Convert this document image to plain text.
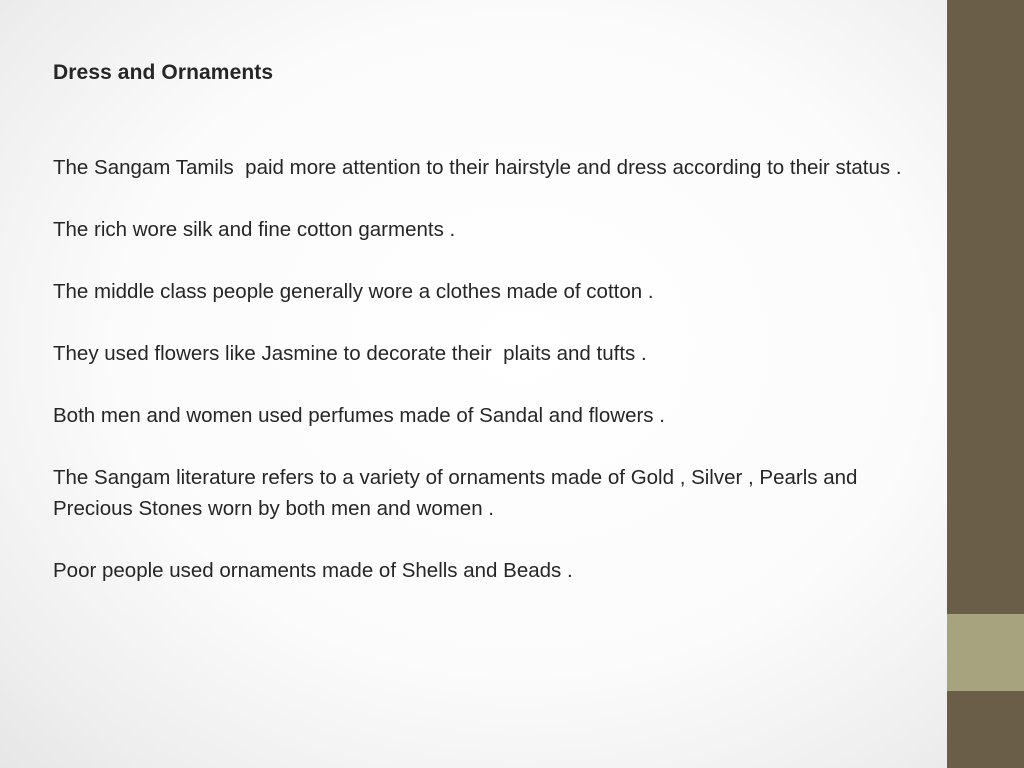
Dress and Ornaments

The Sangam Tamils  paid more attention to their hairstyle and dress according to their status .

The rich wore silk and fine cotton garments .

The middle class people generally wore a clothes made of cotton .

They used flowers like Jasmine to decorate their  plaits and tufts .

Both men and women used perfumes made of Sandal and flowers .

The Sangam literature refers to a variety of ornaments made of Gold , Silver , Pearls and Precious Stones worn by both men and women .

Poor people used ornaments made of Shells and Beads .
